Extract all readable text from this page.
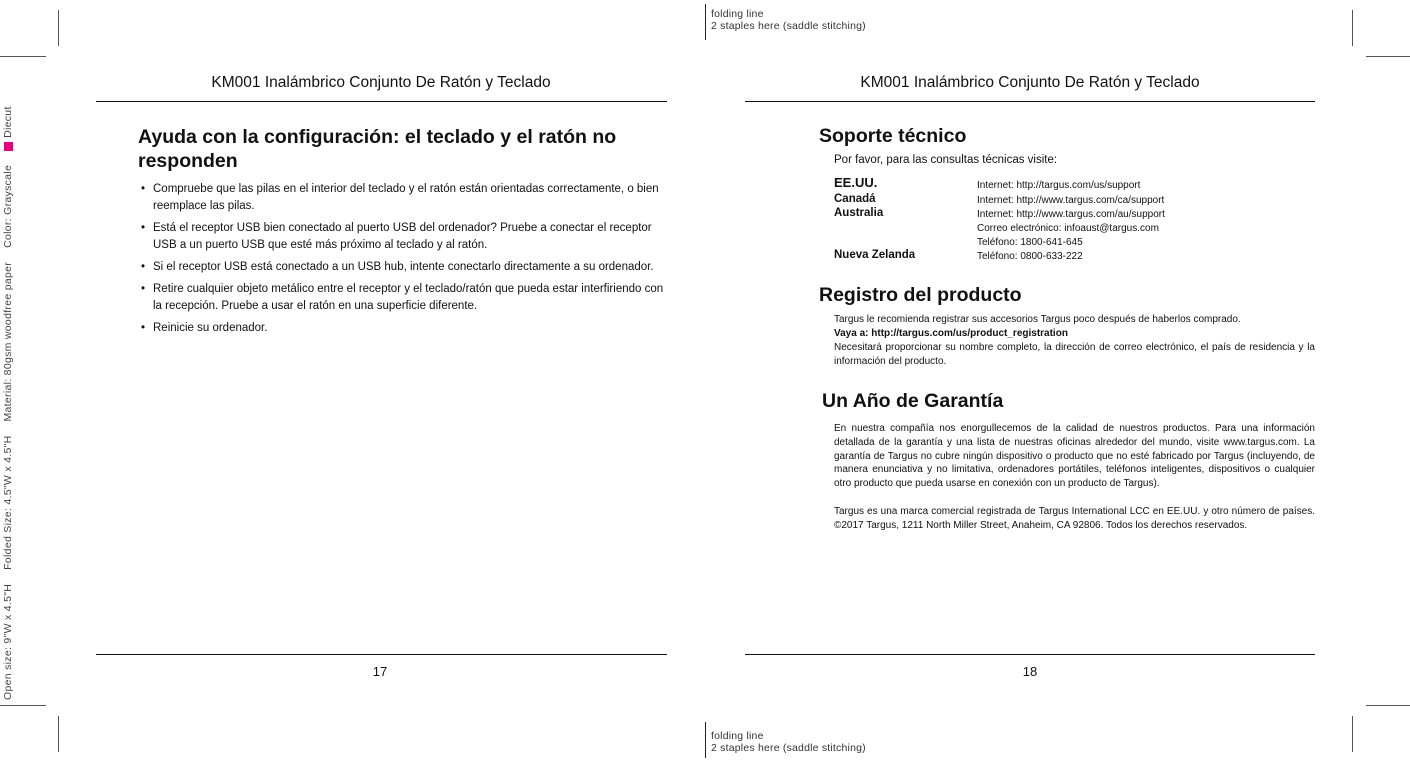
folding line
2 staples here (saddle stitching)
folding line
2 staples here (saddle stitching)
Open size: 9"W x 4.5"H
Folded Size: 4.5"W x 4.5"H
Material: 80gsm woodfree paper
Color: Grayscale
Diecut
KM001 Inalámbrico Conjunto De Ratón y Teclado
Ayuda con la configuración: el teclado y el ratón no responden
• Compruebe que las pilas en el interior del teclado y el ratón están orientadas correctamente, o bien reemplace las pilas.
• Está el receptor USB bien conectado al puerto USB del ordenador? Pruebe a conectar el receptor USB a un puerto USB que esté más próximo al teclado y al ratón.
• Si el receptor USB está conectado a un USB hub, intente conectarlo directamente a su ordenador.
• Retire cualquier objeto metálico entre el receptor y el teclado/ratón que pueda estar interfiriendo con la recepción. Pruebe a usar el ratón en una superficie diferente.
• Reinicie su ordenador.
17
KM001 Inalámbrico Conjunto De Ratón y Teclado
Soporte técnico
Por favor, para las consultas técnicas visite:
EE.UU.
Canadá
Australia
Nueva Zelanda
Internet: http://targus.com/us/support
Internet: http://www.targus.com/ca/support
Internet: http://www.targus.com/au/support
Correo electrónico: infoaust@targus.com
Teléfono: 1800-641-645
Teléfono: 0800-633-222
Registro del producto

Targus le recomienda registrar sus accesorios Targus poco después de haberlos comprado.

Vaya a: http://targus.com/us/product_registration

Necesitará proporcionar su nombre completo, la dirección de correo electrónico, el país de residencia y la información del producto.

Un Año de Garantía

En nuestra compañía nos enorgullecemos de la calidad de nuestros productos. Para una información detallada de la garantía y una lista de nuestras oficinas alrededor del mundo, visite www.targus.com. La garantía de Targus no cubre ningún dispositivo o producto que no esté fabricado por Targus (incluyendo, de manera enunciativa y no limitativa, ordenadores portátiles, teléfonos inteligentes, dispositivos o cualquier otro producto que pueda usarse en conexión con un producto de Targus).

Targus es una marca comercial registrada de Targus International LCC en EE.UU. y otro número de países. ©2017 Targus, 1211 North Miller Street, Anaheim, CA 92806. Todos los derechos reservados.

18
